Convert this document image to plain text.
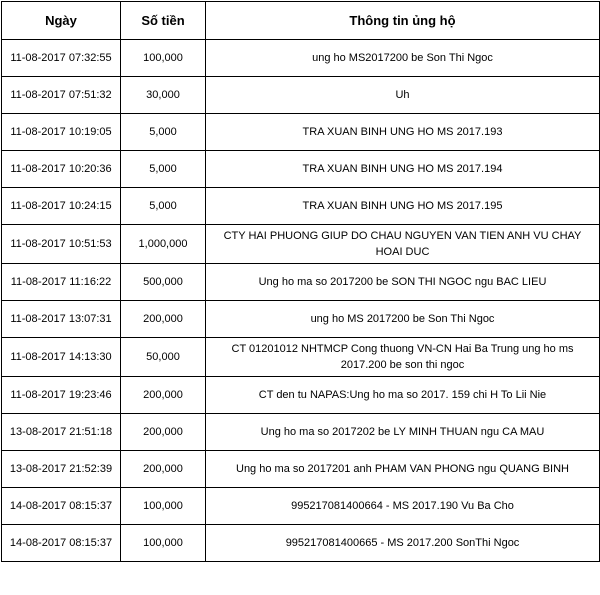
Ngày	Số tiền	Thông tin ủng hộ
11-08-2017 07:32:55	100,000	ung ho MS2017200 be Son Thi Ngoc
11-08-2017 07:51:32	30,000	Uh
11-08-2017 10:19:05	5,000	TRA XUAN BINH UNG HO MS 2017.193
11-08-2017 10:20:36	5,000	TRA XUAN BINH UNG HO MS 2017.194
11-08-2017 10:24:15	5,000	TRA XUAN BINH UNG HO MS 2017.195
11-08-2017 10:51:53	1,000,000	CTY HAI PHUONG GIUP DO CHAU NGUYEN VAN TIEN ANH VU CHAY HOAI DUC
11-08-2017 11:16:22	500,000	Ung ho ma so 2017200 be SON THI NGOC ngu BAC LIEU
11-08-2017 13:07:31	200,000	ung ho MS 2017200 be Son Thi Ngoc
11-08-2017 14:13:30	50,000	CT 01201012 NHTMCP Cong thuong VN-CN Hai Ba Trung ung ho ms 2017.200 be son thi ngoc
11-08-2017 19:23:46	200,000	CT den tu NAPAS:Ung ho ma so 2017. 159 chi H To Lii Nie
13-08-2017 21:51:18	200,000	Ung ho ma so 2017202 be LY MINH THUAN ngu CA MAU
13-08-2017 21:52:39	200,000	Ung ho ma so 2017201 anh PHAM VAN PHONG ngu QUANG BINH
14-08-2017 08:15:37	100,000	995217081400664 - MS 2017.190 Vu Ba Cho
14-08-2017 08:15:37	100,000	995217081400665 - MS 2017.200 SonThi Ngoc
